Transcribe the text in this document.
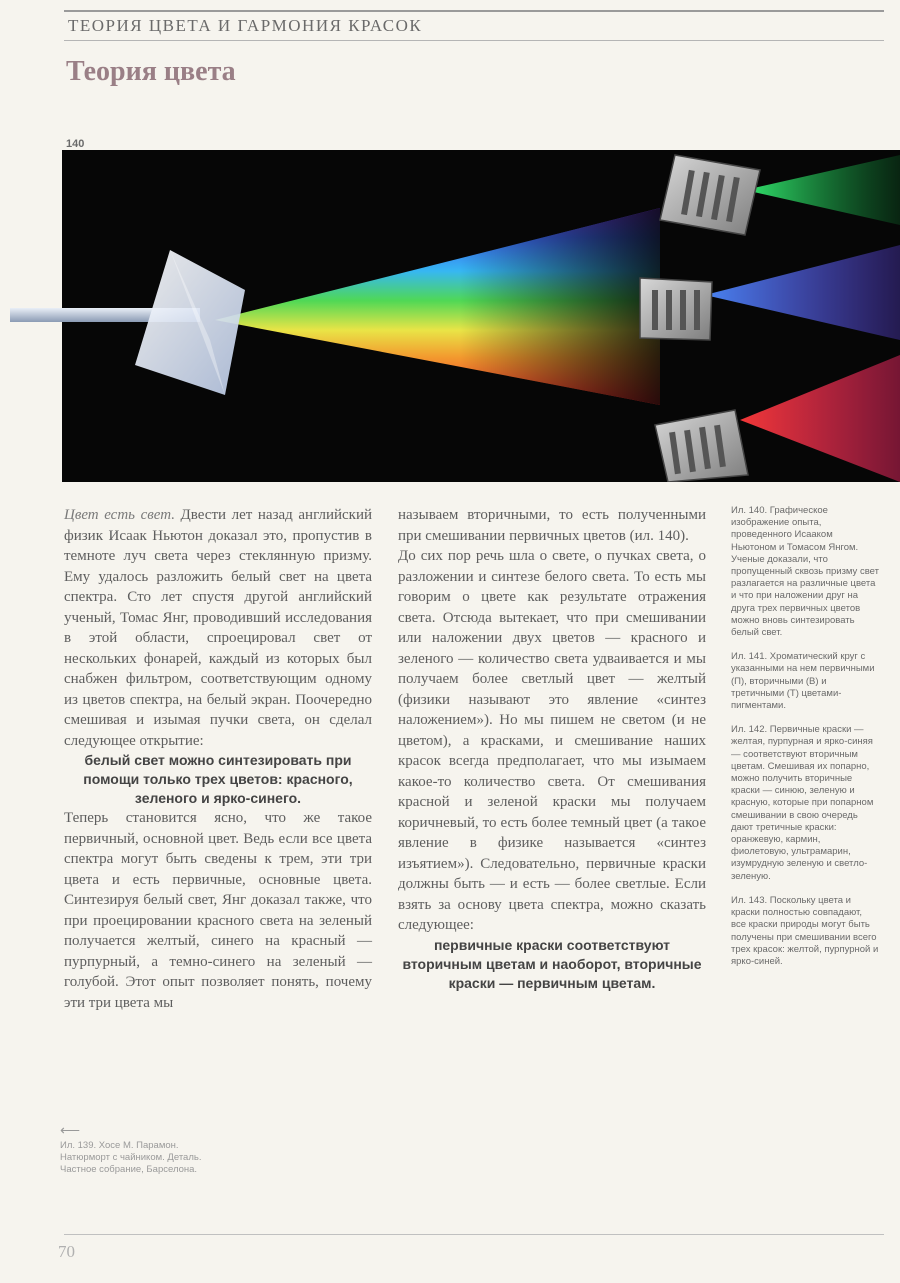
ТЕОРИЯ ЦВЕТА И ГАРМОНИЯ КРАСОК
Теория цвета
140

Цвет есть свет. Двести лет назад английский физик Исаак Ньютон доказал это, пропустив в темноте луч света через стеклянную призму. Ему удалось разложить белый свет на цвета спектра. Сто лет спустя другой английский ученый, Томас Янг, проводивший исследования в этой области, спроецировал свет от нескольких фонарей, каждый из которых был снабжен фильтром, соответствующим одному из цветов спектра, на белый экран. Поочередно смешивая и изымая пучки света, он сделал следующее открытие:

белый свет можно синтезировать при помощи только трех цветов: красного, зеленого и ярко-синего.

Теперь становится ясно, что же такое первичный, основной цвет. Ведь если все цвета спектра могут быть сведены к трем, эти три цвета и есть первичные, основные цвета. Синтезируя белый свет, Янг доказал также, что при проецировании красного света на зеленый получается желтый, синего на красный — пурпурный, а темно-синего на зеленый — голубой. Этот опыт позволяет понять, почему эти три цвета мы

называем вторичными, то есть полученными при смешивании первичных цветов (ил. 140).

До сих пор речь шла о свете, о пучках света, о разложении и синтезе белого света. То есть мы говорим о цвете как результате отражения света. Отсюда вытекает, что при смешивании или наложении двух цветов — красного и зеленого — количество света удваивается и мы получаем более светлый цвет — желтый (физики называют это явление «синтез наложением»). Но мы пишем не светом (и не цветом), а красками, и смешивание наших красок всегда предполагает, что мы изымаем какое-то количество света. От смешивания красной и зеленой краски мы получаем коричневый, то есть более темный цвет (а такое явление в физике называется «синтез изъятием»). Следовательно, первичные краски должны быть — и есть — более светлые. Если взять за основу цвета спектра, можно сказать следующее:

первичные краски соответствуют вторичным цветам и наоборот, вторичные краски — первичным цветам.

Ил. 140. Графическое изображение опыта, проведенного Исааком Ньютоном и Томасом Янгом. Ученые доказали, что пропущенный сквозь призму свет разлагается на различные цвета и что при наложении друг на друга трех первичных цветов можно вновь синтезировать белый свет.

Ил. 141. Хроматический круг с указанными на нем первичными (П), вторичными (В) и третичными (Т) цветами-пигментами.

Ил. 142. Первичные краски — желтая, пурпурная и ярко-синяя — соответствуют вторичным цветам. Смешивая их попарно, можно получить вторичные краски — синюю, зеленую и красную, которые при попарном смешивании в свою очередь дают третичные краски: оранжевую, кармин, фиолетовую, ультрамарин, изумрудную зеленую и светло-зеленую.

Ил. 143. Поскольку цвета и краски полностью совпадают, все краски природы могут быть получены при смешивании всего трех красок: желтой, пурпурной и ярко-синей.

⟵
Ил. 139. Хосе М. Парамон. Натюрморт с чайником. Деталь. Частное собрание, Барселона.
70
